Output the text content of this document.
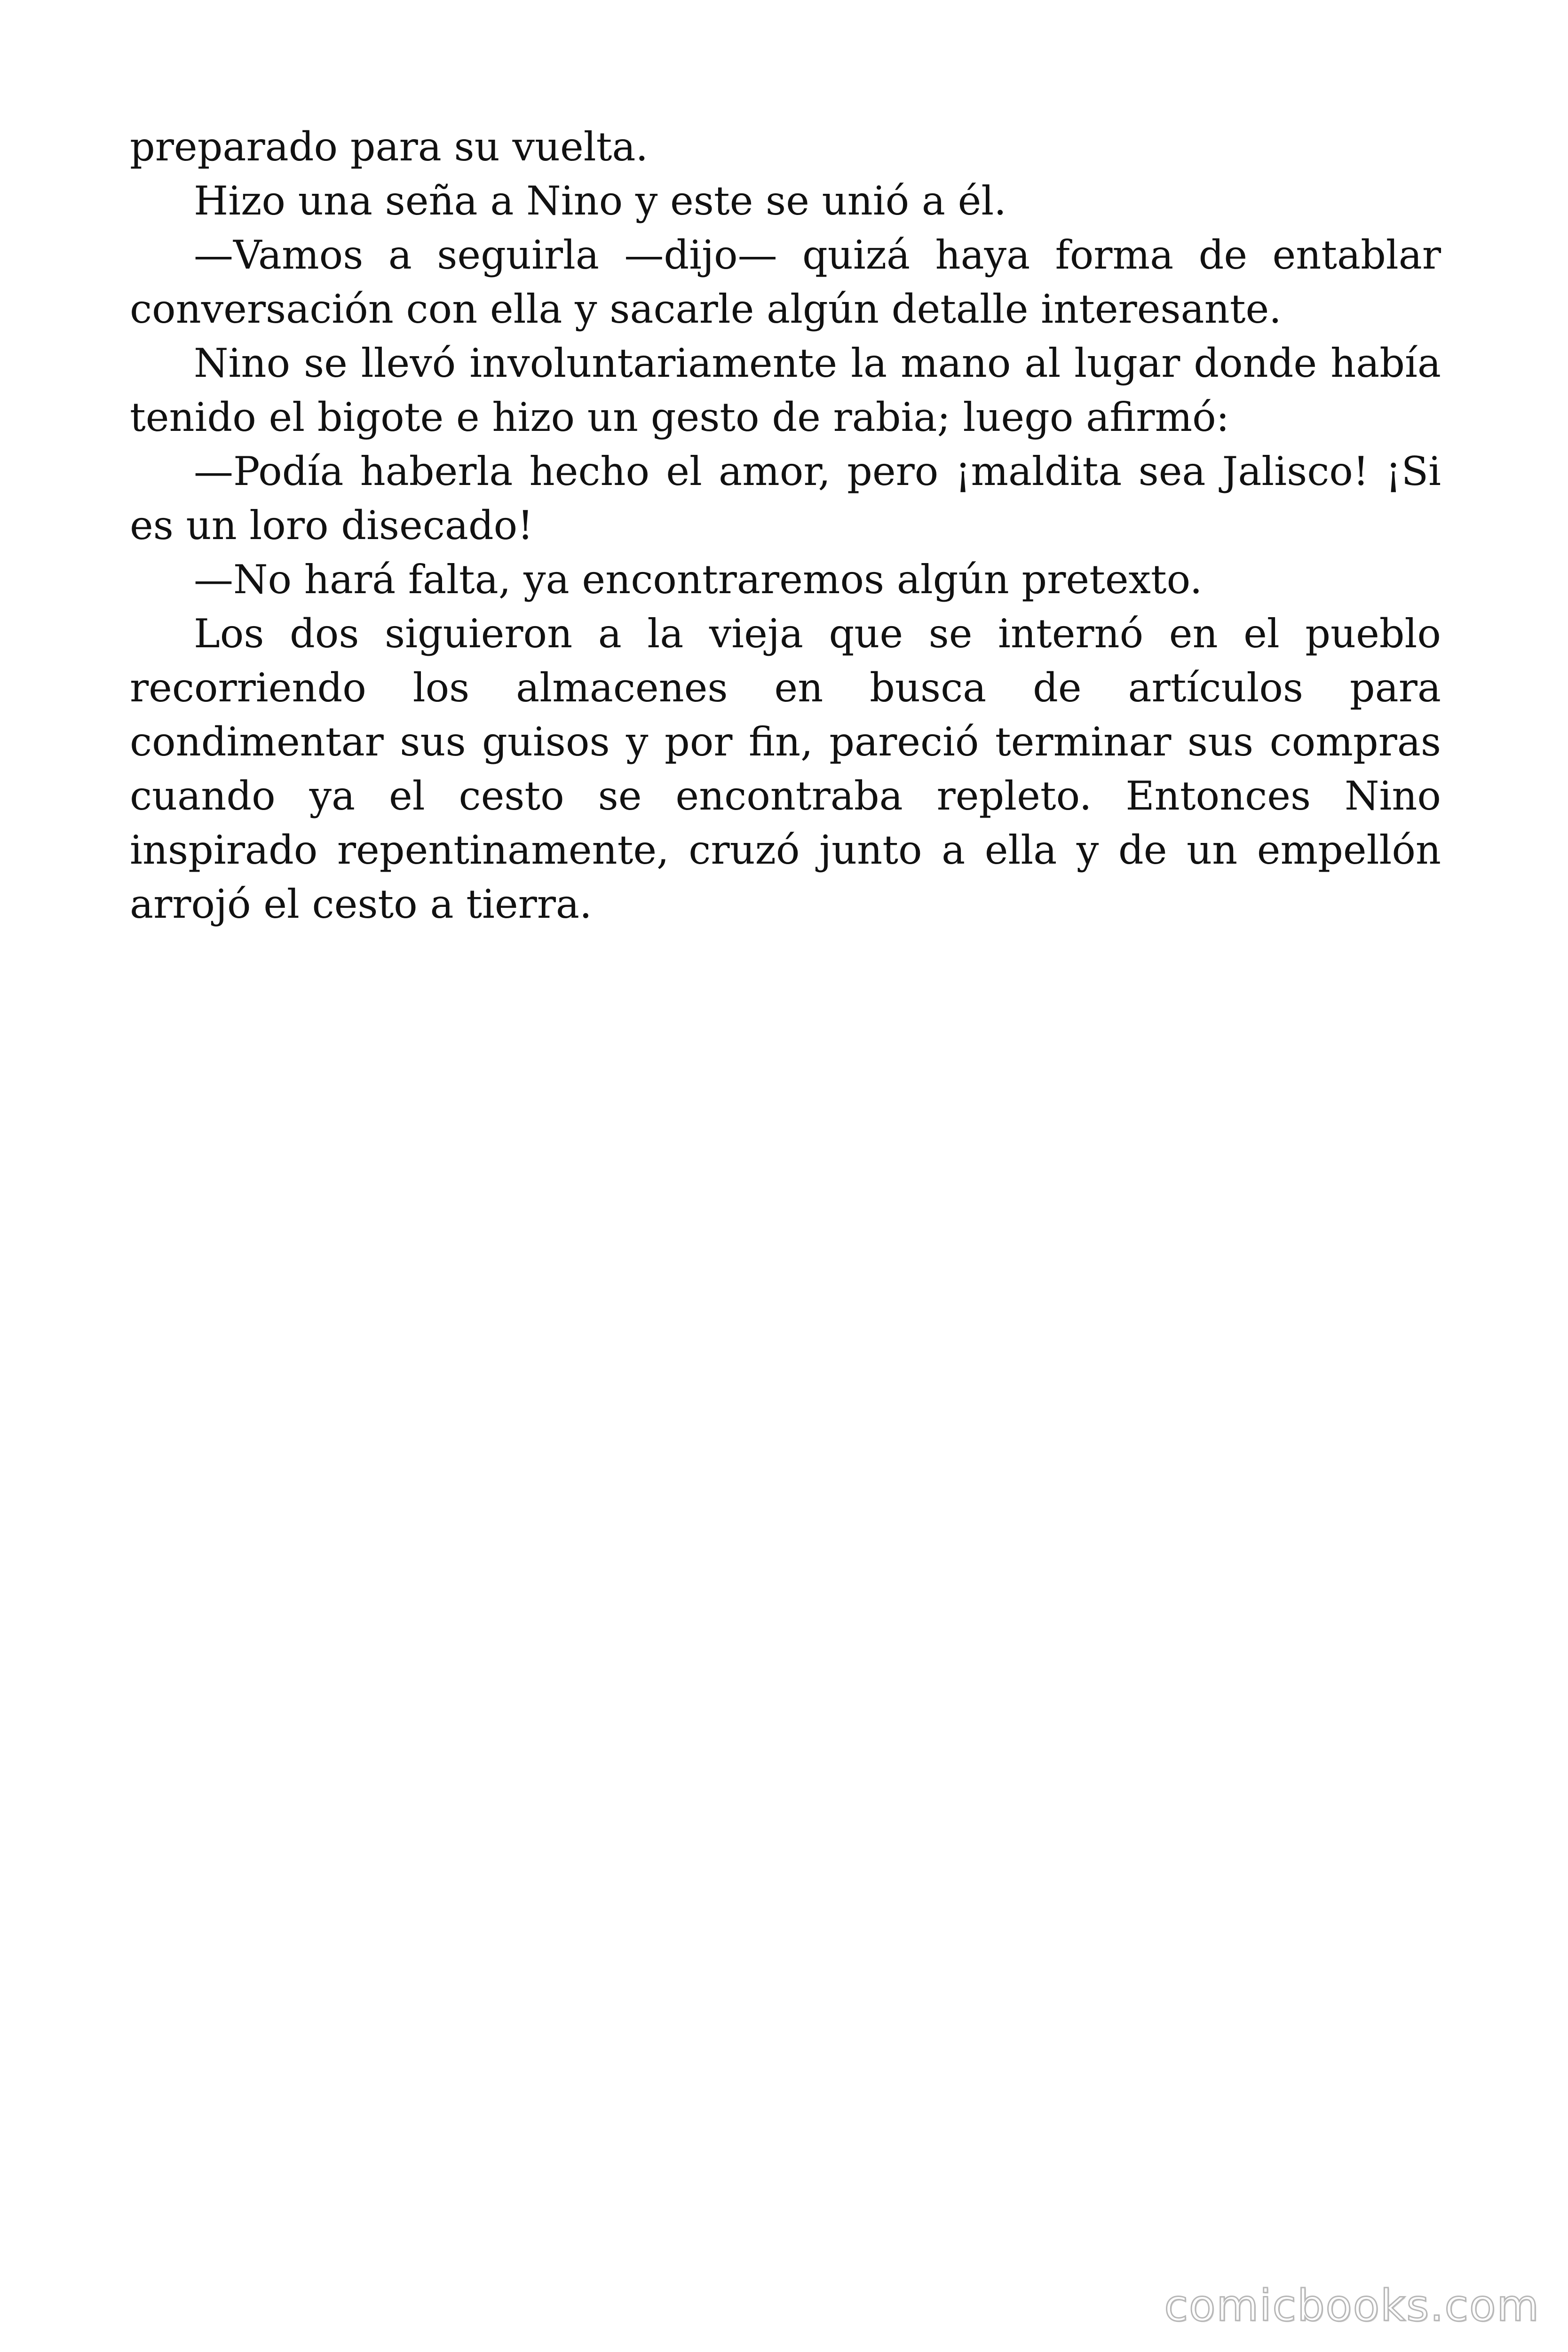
preparado para su vuelta.

Hizo una seña a Nino y este se unió a él.

—Vamos a seguirla —dijo— quizá haya forma de entablar conversación con ella y sacarle algún detalle interesante.

Nino se llevó involuntariamente la mano al lugar donde había tenido el bigote e hizo un gesto de rabia; luego afirmó:

—Podía haberla hecho el amor, pero ¡maldita sea Jalisco! ¡Si es un loro disecado!

—No hará falta, ya encontraremos algún pretexto.

Los dos siguieron a la vieja que se internó en el pueblo recorriendo los almacenes en busca de artículos para condimentar sus guisos y por fin, pareció terminar sus compras cuando ya el cesto se encontraba repleto. Entonces Nino inspirado repentinamente, cruzó junto a ella y de un empellón arrojó el cesto a tierra.

comicbooks.com
